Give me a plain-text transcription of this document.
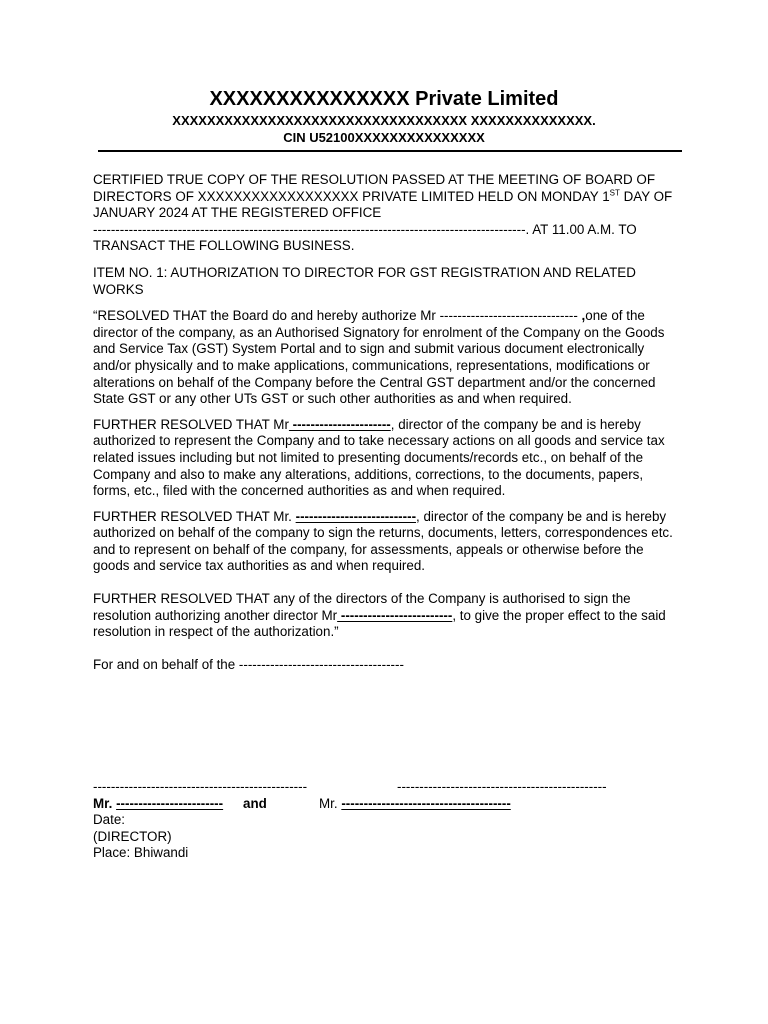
XXXXXXXXXXXXXXX Private Limited
XXXXXXXXXXXXXXXXXXXXXXXXXXXXXXXXXX XXXXXXXXXXXXXX.
CIN U52100XXXXXXXXXXXXXXX

CERTIFIED TRUE COPY OF THE RESOLUTION PASSED AT THE MEETING OF BOARD OF DIRECTORS OF XXXXXXXXXXXXXXXXXX PRIVATE LIMITED HELD ON MONDAY 1ST DAY OF JANUARY 2024 AT THE REGISTERED OFFICE
-------------------------------------------------------------------------------------------------. AT 11.00 A.M. TO TRANSACT THE FOLLOWING BUSINESS.

ITEM NO. 1: AUTHORIZATION TO DIRECTOR FOR GST REGISTRATION AND RELATED WORKS

“RESOLVED THAT the Board do and hereby authorize Mr ------------------------------- ,one of the director of the company, as an Authorised Signatory for enrolment of the Company on the Goods and Service Tax (GST) System Portal and to sign and submit various document electronically and/or physically and to make applications, communications, representations, modifications or alterations on behalf of the Company before the Central GST department and/or the concerned State GST or any other UTs GST or such other authorities as and when required.

FURTHER RESOLVED THAT Mr ----------------------, director of the company be and is hereby authorized to represent the Company and to take necessary actions on all goods and service tax related issues including but not limited to presenting documents/records etc., on behalf of the Company and also to make any alterations, additions, corrections, to the documents, papers, forms, etc., filed with the concerned authorities as and when required.

FURTHER RESOLVED THAT Mr. ---------------------------, director of the company be and is hereby authorized on behalf of the company to sign the returns, documents, letters, correspondences etc. and to represent on behalf of the company, for assessments, appeals or otherwise before the goods and service tax authorities as and when required.

FURTHER RESOLVED THAT any of the directors of the Company is authorised to sign the resolution authorizing another director Mr -------------------------, to give the proper effect to the said resolution in respect of the authorization.”

For and on behalf of the -------------------------------------

------------------------------------------------	-----------------------------------------------
Mr. ------------------------ and	Mr. --------------------------------------
Date:
(DIRECTOR)
Place: Bhiwandi
